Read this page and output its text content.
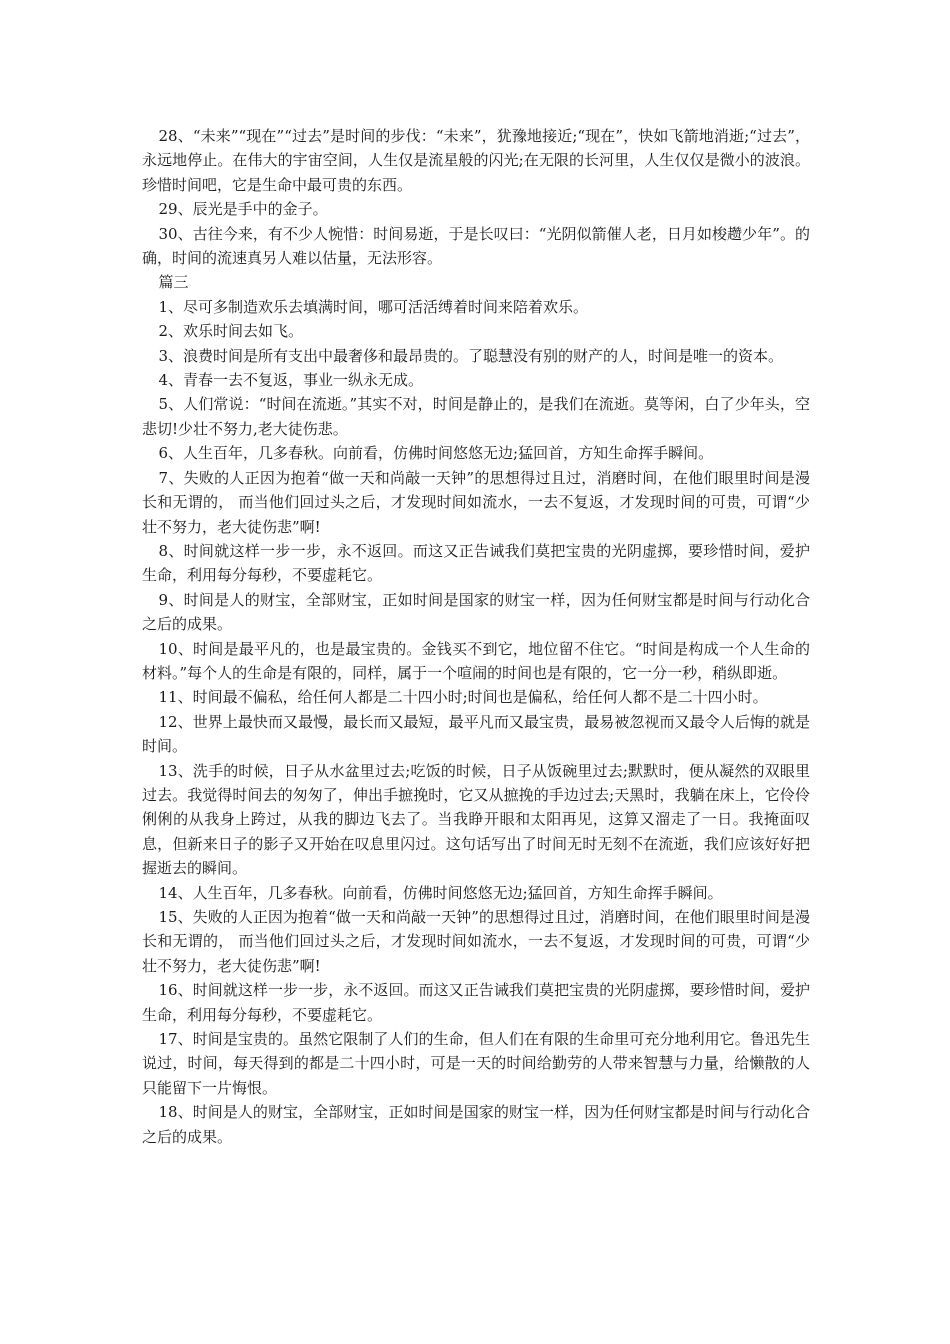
28、“未来”“现在”“过去”是时间的步伐：“未来”，犹豫地接近;“现在”，快如飞箭地消逝;“过去”，永远地停止。在伟大的宇宙空间，人生仅是流星般的闪光;在无限的长河里，人生仅仅是微小的波浪。珍惜时间吧，它是生命中最可贵的东西。

29、辰光是手中的金子。

30、古往今来，有不少人惋惜：时间易逝，于是长叹曰：“光阴似箭催人老，日月如梭趱少年”。的确，时间的流速真另人难以估量，无法形容。

篇三

1、尽可多制造欢乐去填满时间，哪可活活缚着时间来陪着欢乐。

2、欢乐时间去如飞。

3、浪费时间是所有支出中最奢侈和最昂贵的。了聪慧没有别的财产的人，时间是唯一的资本。

4、青春一去不复返，事业一纵永无成。

5、人们常说：“时间在流逝。”其实不对，时间是静止的，是我们在流逝。莫等闲，白了少年头，空悲切!少壮不努力,老大徒伤悲。

6、人生百年，几多春秋。向前看，仿佛时间悠悠无边;猛回首，方知生命挥手瞬间。

7、失败的人正因为抱着“做一天和尚敲一天钟”的思想得过且过，消磨时间，在他们眼里时间是漫长和无谓的， 而当他们回过头之后，才发现时间如流水，一去不复返，才发现时间的可贵，可谓“少壮不努力，老大徒伤悲”啊!

8、时间就这样一步一步，永不返回。而这又正告诫我们莫把宝贵的光阴虚掷，要珍惜时间，爱护生命，利用每分每秒，不要虚耗它。

9、时间是人的财宝，全部财宝，正如时间是国家的财宝一样，因为任何财宝都是时间与行动化合之后的成果。

10、时间是最平凡的，也是最宝贵的。金钱买不到它，地位留不住它。“时间是构成一个人生命的材料。”每个人的生命是有限的，同样，属于一个喧闹的时间也是有限的，它一分一秒，稍纵即逝。

11、时间最不偏私，给任何人都是二十四小时;时间也是偏私，给任何人都不是二十四小时。

12、世界上最快而又最慢，最长而又最短，最平凡而又最宝贵，最易被忽视而又最令人后悔的就是时间。

13、洗手的时候，日子从水盆里过去;吃饭的时候，日子从饭碗里过去;默默时，便从凝然的双眼里过去。我觉得时间去的匆匆了，伸出手摭挽时，它又从摭挽的手边过去;天黑时，我躺在床上，它伶伶俐俐的从我身上跨过，从我的脚边飞去了。当我睁开眼和太阳再见，这算又溜走了一日。我掩面叹息，但新来日子的影子又开始在叹息里闪过。这句话写出了时间无时无刻不在流逝，我们应该好好把握逝去的瞬间。

14、人生百年，几多春秋。向前看，仿佛时间悠悠无边;猛回首，方知生命挥手瞬间。

15、失败的人正因为抱着“做一天和尚敲一天钟”的思想得过且过，消磨时间，在他们眼里时间是漫长和无谓的， 而当他们回过头之后，才发现时间如流水，一去不复返，才发现时间的可贵，可谓“少壮不努力，老大徒伤悲”啊!

16、时间就这样一步一步，永不返回。而这又正告诫我们莫把宝贵的光阴虚掷，要珍惜时间，爱护生命，利用每分每秒，不要虚耗它。

17、时间是宝贵的。虽然它限制了人们的生命，但人们在有限的生命里可充分地利用它。鲁迅先生说过，时间，每天得到的都是二十四小时，可是一天的时间给勤劳的人带来智慧与力量，给懒散的人只能留下一片悔恨。

18、时间是人的财宝，全部财宝，正如时间是国家的财宝一样，因为任何财宝都是时间与行动化合之后的成果。
